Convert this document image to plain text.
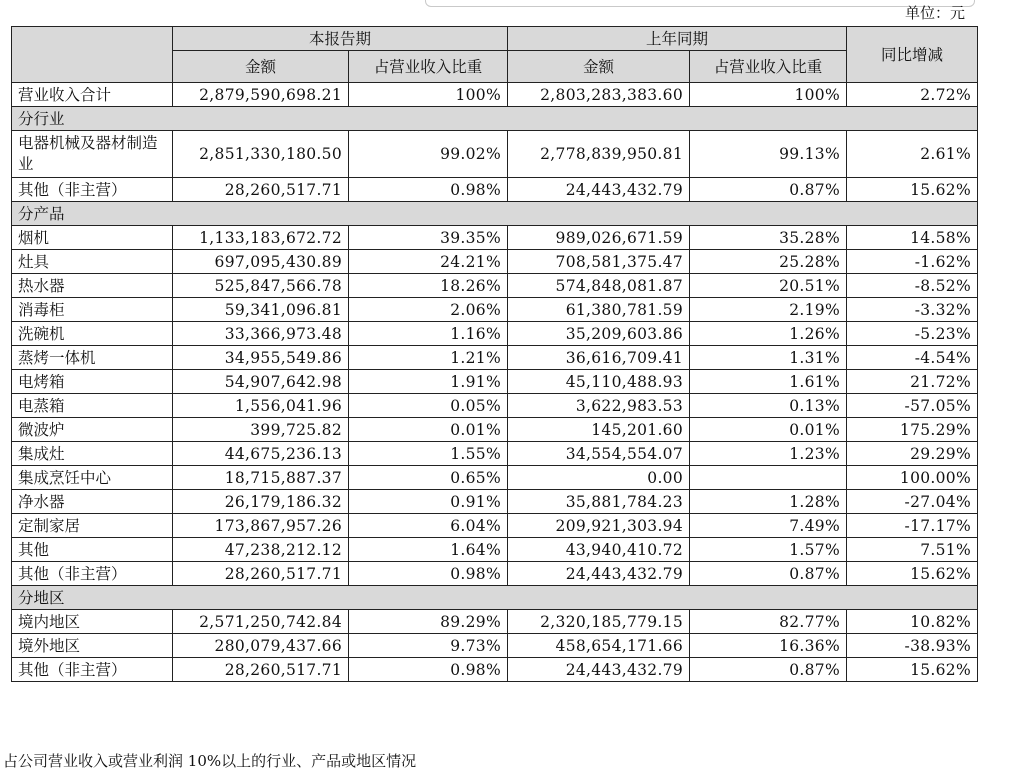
单位：元
	本报告期		上年同期		同比增减
	金额	占营业收入比重	金额	占营业收入比重	
营业收入合计	2,879,590,698.21	100%	2,803,283,383.60	100%	2.72%
分行业					
电器机械及器材制造业	2,851,330,180.50	99.02%	2,778,839,950.81	99.13%	2.61%
其他（非主营）	28,260,517.71	0.98%	24,443,432.79	0.87%	15.62%
分产品					
烟机	1,133,183,672.72	39.35%	989,026,671.59	35.28%	14.58%
灶具	697,095,430.89	24.21%	708,581,375.47	25.28%	-1.62%
热水器	525,847,566.78	18.26%	574,848,081.87	20.51%	-8.52%
消毒柜	59,341,096.81	2.06%	61,380,781.59	2.19%	-3.32%
洗碗机	33,366,973.48	1.16%	35,209,603.86	1.26%	-5.23%
蒸烤一体机	34,955,549.86	1.21%	36,616,709.41	1.31%	-4.54%
电烤箱	54,907,642.98	1.91%	45,110,488.93	1.61%	21.72%
电蒸箱	1,556,041.96	0.05%	3,622,983.53	0.13%	-57.05%
微波炉	399,725.82	0.01%	145,201.60	0.01%	175.29%
集成灶	44,675,236.13	1.55%	34,554,554.07	1.23%	29.29%
集成烹饪中心	18,715,887.37	0.65%	0.00		100.00%
净水器	26,179,186.32	0.91%	35,881,784.23	1.28%	-27.04%
定制家居	173,867,957.26	6.04%	209,921,303.94	7.49%	-17.17%
其他	47,238,212.12	1.64%	43,940,410.72	1.57%	7.51%
其他（非主营）	28,260,517.71	0.98%	24,443,432.79	0.87%	15.62%
分地区					
境内地区	2,571,250,742.84	89.29%	2,320,185,779.15	82.77%	10.82%
境外地区	280,079,437.66	9.73%	458,654,171.66	16.36%	-38.93%
其他（非主营）	28,260,517.71	0.98%	24,443,432.79	0.87%	15.62%
占公司营业收入或营业利润 10%以上的行业、产品或地区情况
